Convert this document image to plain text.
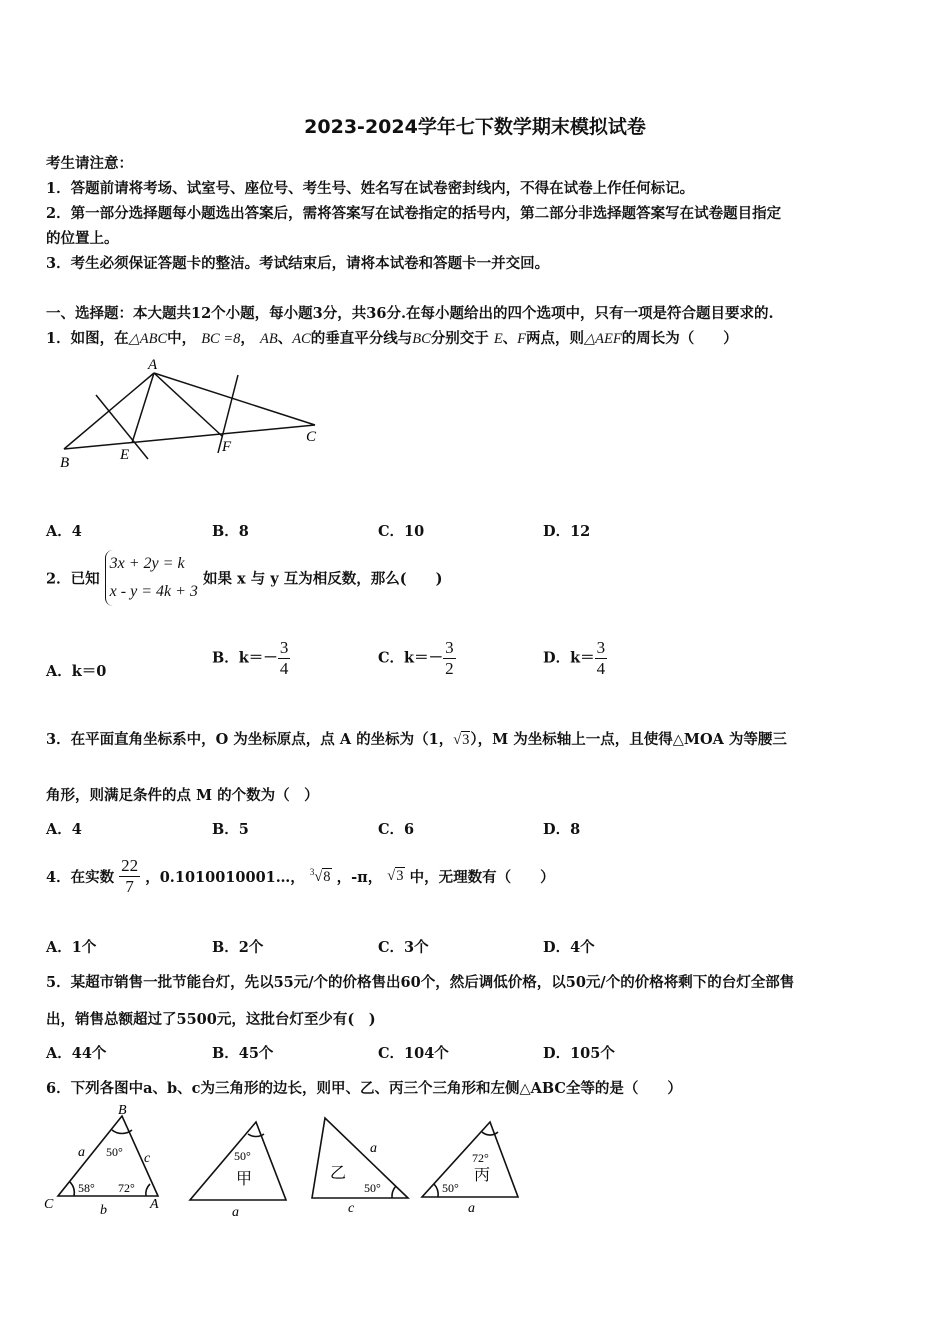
2023-2024学年七下数学期末模拟试卷
考生请注意：
1．答题前请将考场、试室号、座位号、考生号、姓名写在试卷密封线内，不得在试卷上作任何标记。
2．第一部分选择题每小题选出答案后，需将答案写在试卷指定的括号内，第二部分非选择题答案写在试卷题目指定
的位置上。
3．考生必须保证答题卡的整洁。考试结束后，请将本试卷和答题卡一并交回。
一、选择题：本大题共12个小题，每小题3分，共36分.在每小题给出的四个选项中，只有一项是符合题目要求的.
1．如图，在△ABC中， BC =8， AB、AC的垂直平分线与BC分别交于 E、F两点，则△AEF的周长为（　　）
A
B
C
E	F
A．4	B．8	C．10	D．12
2．已知
3x + 2y = k
x - y = 4k + 3
如果 x 与 y 互为相反数，那么(　　)
A．k＝0
B．$k=- \frac{3}{4}$	C．$k=- \frac{3}{2}$	D．$k= \frac{3}{4}$
3．在平面直角坐标系中，O 为坐标原点，点 A 的坐标为（1，√3），M 为坐标轴上一点，且使得△MOA 为等腰三
角形，则满足条件的点 M 的个数为（　）
A．4	B．5	C．6	D．8
4．在实数 $\frac{22}{7}$ ，0.1010010001…， $^3$√8 ，-π， √3 中，无理数有（　　）
A．1个	B．2个	C．3个	D．4个
5．某超市销售一批节能台灯，先以55元/个的价格售出60个，然后调低价格，以50元/个的价格将剩下的台灯全部售
出，销售总额超过了5500元，这批台灯至少有(　)
A．44个	B．45个	C．104个	D．105个
6．下列各图中a、b、c为三角形的边长，则甲、乙、丙三个三角形和左侧△ABC全等的是（　　）
B
C	A
a	c
b	a
a
c	a
50°
58° 72°
50°
50°
72°
50°
甲	乙	丙
